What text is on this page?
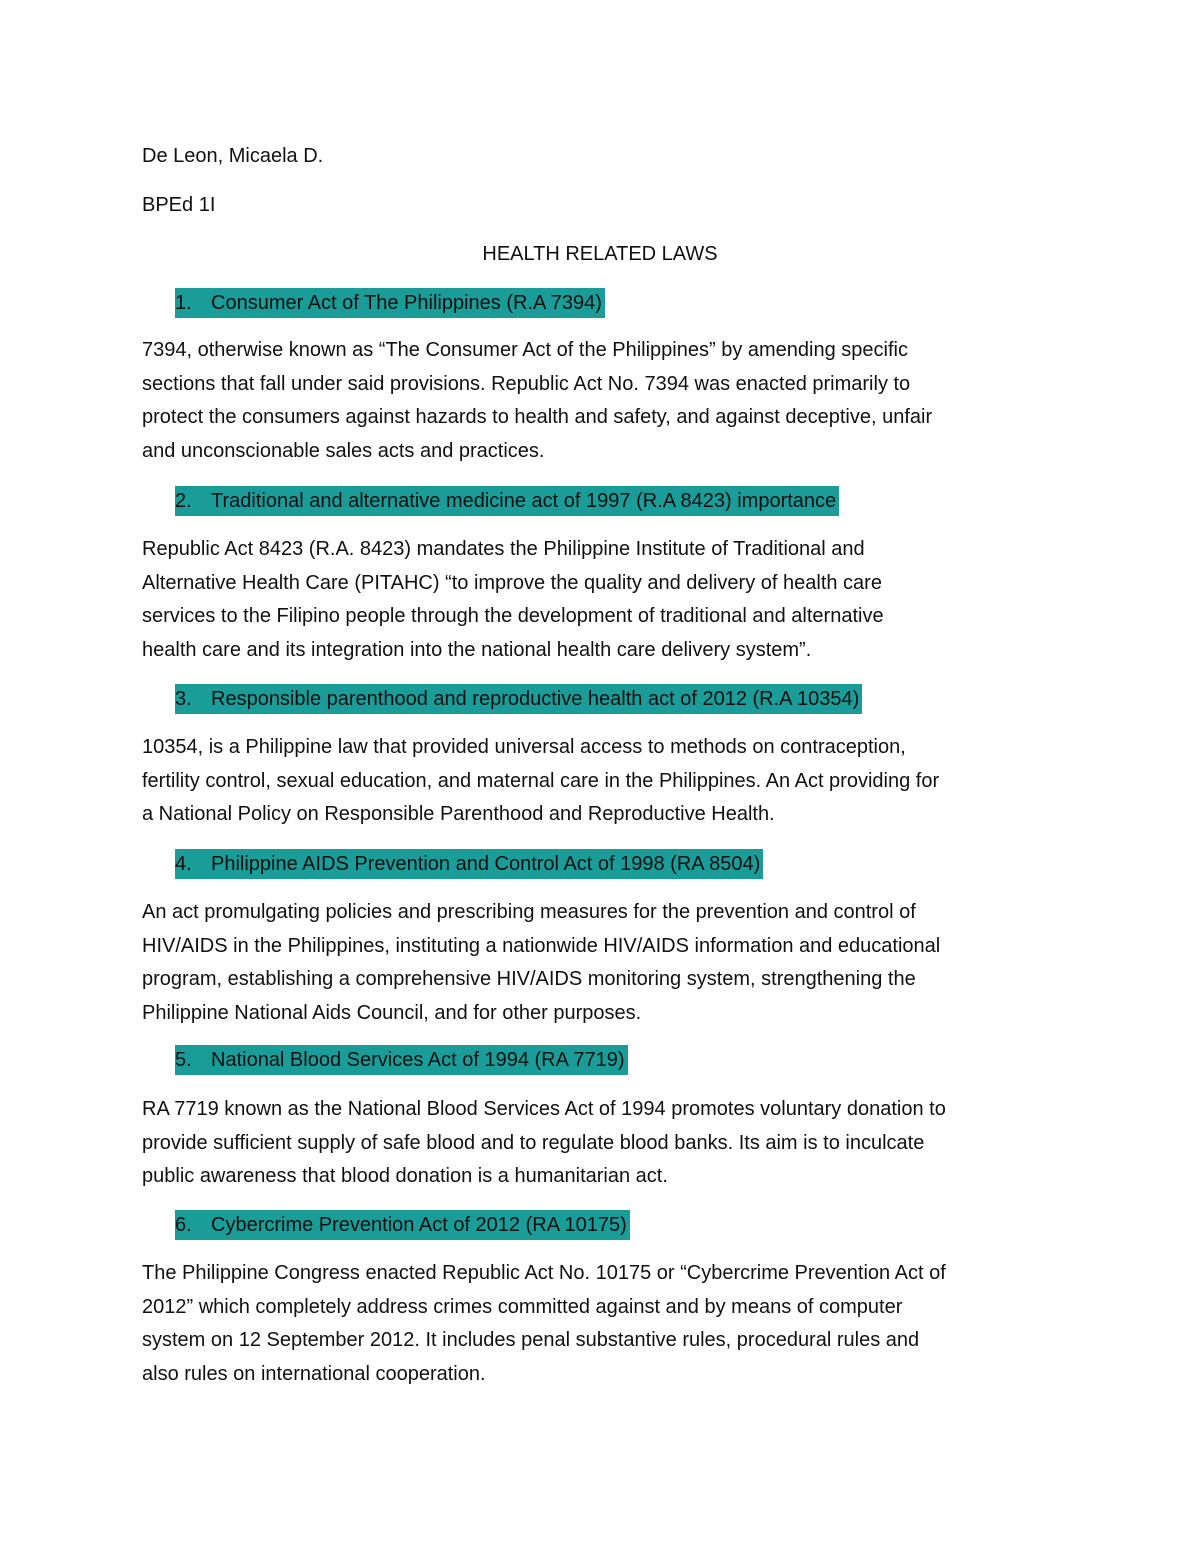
De Leon, Micaela D.
BPEd 1I
HEALTH RELATED LAWS
1. Consumer Act of The Philippines (R.A 7394)
7394, otherwise known as “The Consumer Act of the Philippines” by amending specific
sections that fall under said provisions. Republic Act No. 7394 was enacted primarily to
protect the consumers against hazards to health and safety, and against deceptive, unfair
and unconscionable sales acts and practices.
2. Traditional and alternative medicine act of 1997 (R.A 8423) importance
Republic Act 8423 (R.A. 8423) mandates the Philippine Institute of Traditional and
Alternative Health Care (PITAHC) “to improve the quality and delivery of health care
services to the Filipino people through the development of traditional and alternative
health care and its integration into the national health care delivery system”.
3. Responsible parenthood and reproductive health act of 2012 (R.A 10354)
10354, is a Philippine law that provided universal access to methods on contraception,
fertility control, sexual education, and maternal care in the Philippines. An Act providing for
a National Policy on Responsible Parenthood and Reproductive Health.
4. Philippine AIDS Prevention and Control Act of 1998 (RA 8504)
An act promulgating policies and prescribing measures for the prevention and control of
HIV/AIDS in the Philippines, instituting a nationwide HIV/AIDS information and educational
program, establishing a comprehensive HIV/AIDS monitoring system, strengthening the
Philippine National Aids Council, and for other purposes.
5. National Blood Services Act of 1994 (RA 7719)
RA 7719 known as the National Blood Services Act of 1994 promotes voluntary donation to
provide sufficient supply of safe blood and to regulate blood banks. Its aim is to inculcate
public awareness that blood donation is a humanitarian act.
6. Cybercrime Prevention Act of 2012 (RA 10175)
The Philippine Congress enacted Republic Act No. 10175 or “Cybercrime Prevention Act of
2012” which completely address crimes committed against and by means of computer
system on 12 September 2012. It includes penal substantive rules, procedural rules and
also rules on international cooperation.
